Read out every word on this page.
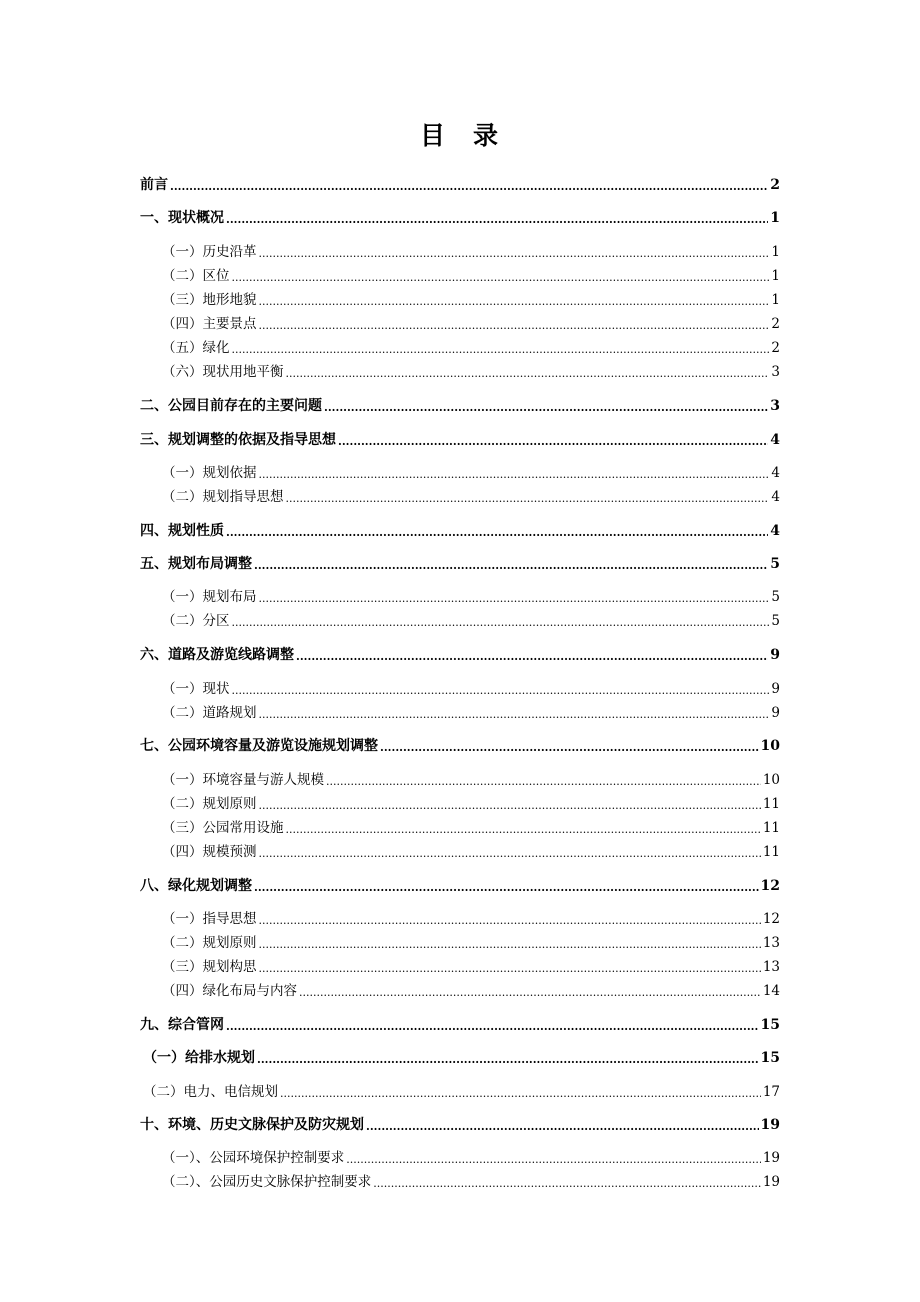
目 录
前言 .....	2
一、现状概况 .....	1
（一）历史沿革 .....	1
（二）区位 .....	1
（三）地形地貌 .....	1
（四）主要景点 .....	2
（五）绿化 .....	2
（六）现状用地平衡 .....	3
二、公园目前存在的主要问题 .....	3
三、规划调整的依据及指导思想 .....	4
（一）规划依据 .....	4
（二）规划指导思想 .....	4
四、规划性质 .....	4
五、规划布局调整 .....	5
（一）规划布局 .....	5
（二）分区 .....	5
六、道路及游览线路调整 .....	9
（一）现状 .....	9
（二）道路规划 .....	9
七、公园环境容量及游览设施规划调整 .....	10
（一）环境容量与游人规模 .....	10
（二）规划原则 .....	11
（三）公园常用设施 .....	11
（四）规模预测 .....	11
八、绿化规划调整 .....	12
（一）指导思想 .....	12
（二）规划原则 .....	13
（三）规划构思 .....	13
（四）绿化布局与内容 .....	14
九、综合管网 .....	15
（一）给排水规划 .....	15
（二）电力、电信规划 .....	17
十、环境、历史文脉保护及防灾规划 .....	19
（一）、公园环境保护控制要求 .....	19
（二）、公园历史文脉保护控制要求 .....	19
